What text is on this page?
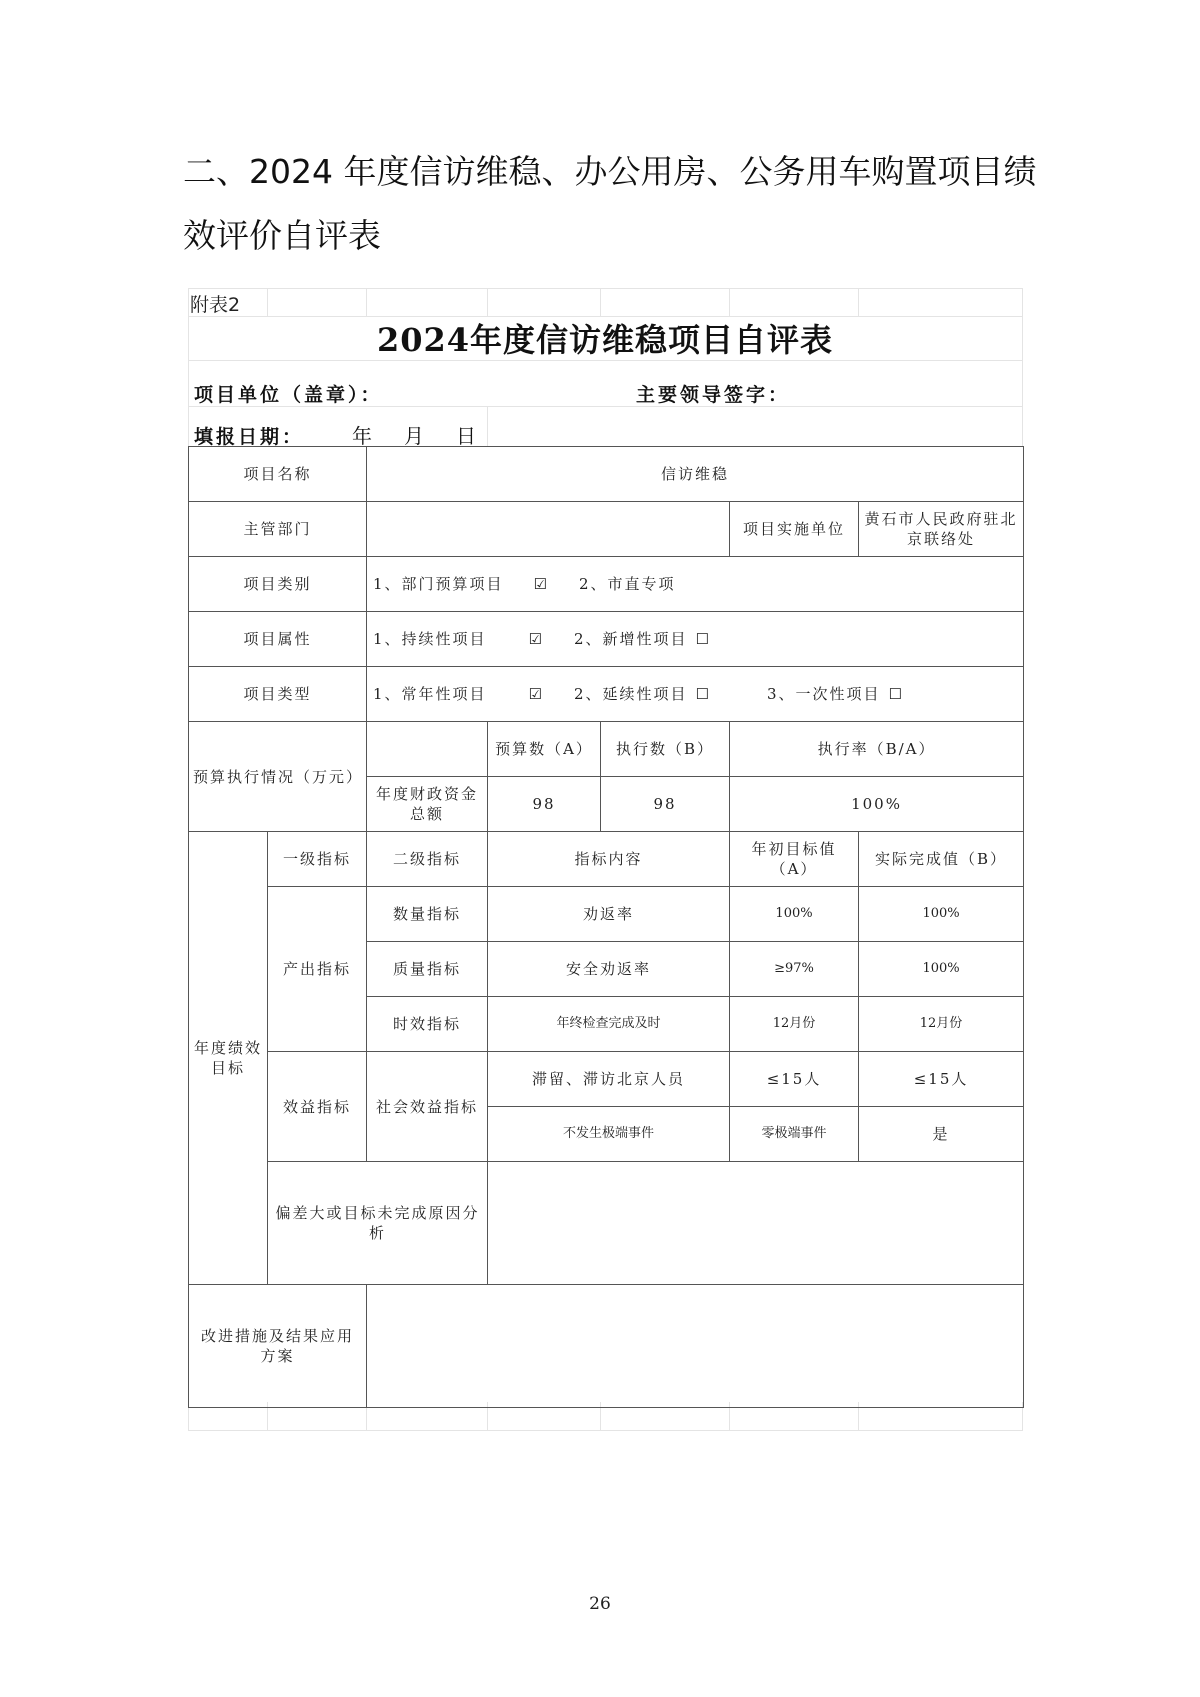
二、2024 年度信访维稳、办公用房、公务用车购置项目绩效评价自评表
附表2
2024年度信访维稳项目自评表
项目单位（盖章）：	主要领导签字：
填报日期： 年 月 日
项目名称		信访维稳				
主管部门					项目实施单位	黄石市人民政府驻北京联络处
项目类别		1、部门预算项目 ☑ 2、市直专项				
项目属性		1、持续性项目 ☑ 2、新增性项目 ☐				
项目类型		1、常年性项目 ☑ 2、延续性项目 ☐ 3、一次性项目 ☐				
预算执行情况（万元）			预算数（A）	执行数（B）	执行率（B/A）	
		年度财政资金总额	98	98	100%	
年度绩效目标	一级指标	二级指标	指标内容		年初目标值（A）	实际完成值（B）
	产出指标	数量指标	劝返率		100%	100%
		质量指标	安全劝返率		≥97%	100%
		时效指标	年终检查完成及时		12月份	12月份
	效益指标	社会效益指标	滞留、滞访北京人员		≤15人	≤15人
			不发生极端事件		零极端事件	是
	偏差大或目标未完成原因分析					
改进措施及结果应用方案						
26
